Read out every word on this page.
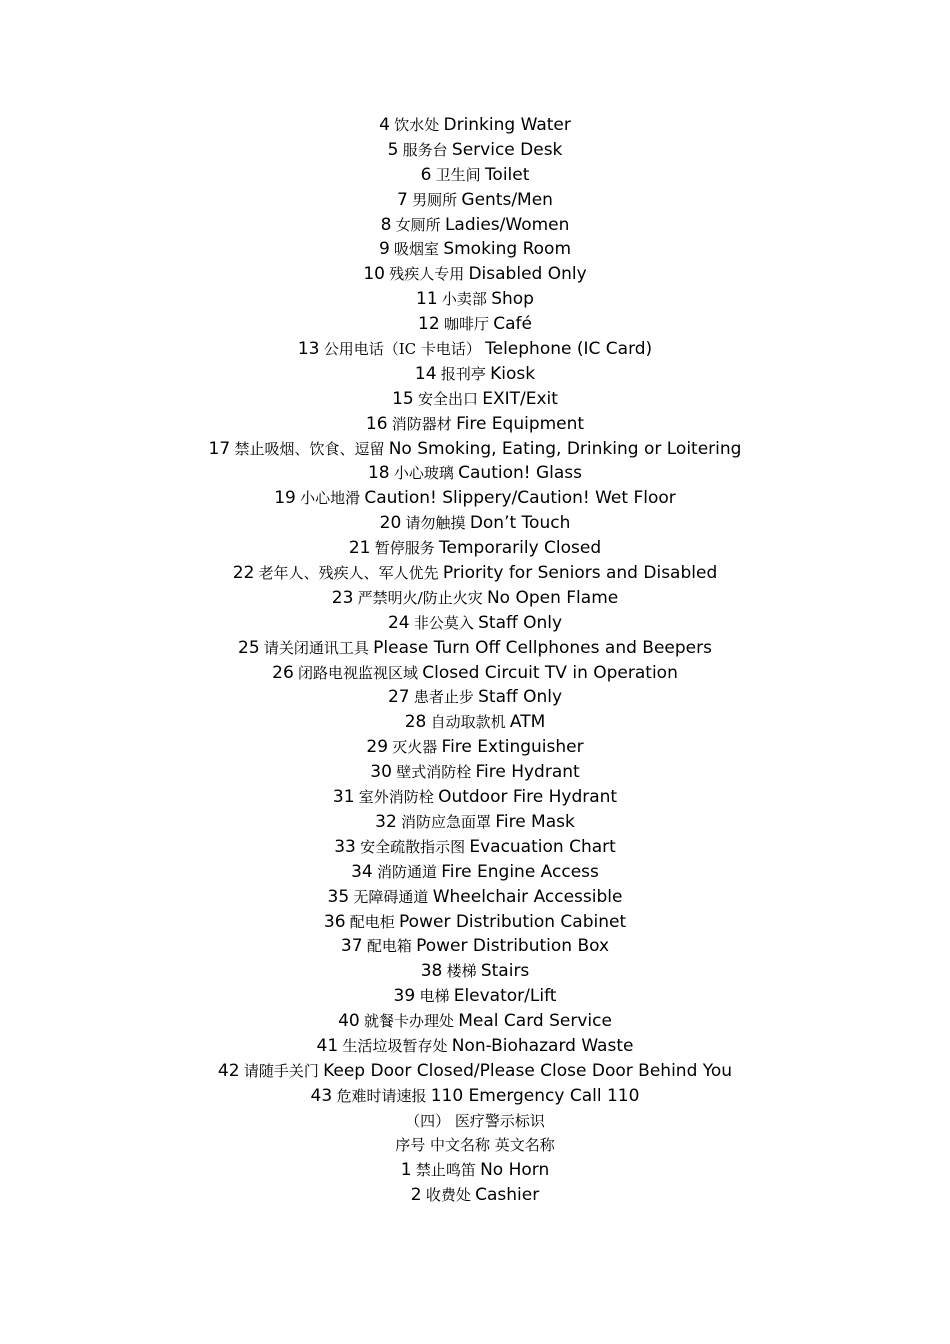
4 饮水处 Drinking Water
5 服务台 Service Desk
6 卫生间 Toilet
7 男厕所 Gents/Men
8 女厕所 Ladies/Women
9 吸烟室 Smoking Room
10 残疾人专用 Disabled Only
11 小卖部 Shop
12 咖啡厅 Café
13 公用电话（IC 卡电话） Telephone (IC Card)
14 报刊亭 Kiosk
15 安全出口 EXIT/Exit
16 消防器材 Fire Equipment
17 禁止吸烟、饮食、逗留 No Smoking, Eating, Drinking or Loitering
18 小心玻璃 Caution! Glass
19 小心地滑 Caution! Slippery/Caution! Wet Floor
20 请勿触摸 Don’t Touch
21 暂停服务 Temporarily Closed
22 老年人、残疾人、军人优先 Priority for Seniors and Disabled
23 严禁明火/防止火灾 No Open Flame
24 非公莫入 Staff Only
25 请关闭通讯工具 Please Turn Off Cellphones and Beepers
26 闭路电视监视区域 Closed Circuit TV in Operation
27 患者止步 Staff Only
28 自动取款机 ATM
29 灭火器 Fire Extinguisher
30 壁式消防栓 Fire Hydrant
31 室外消防栓 Outdoor Fire Hydrant
32 消防应急面罩 Fire Mask
33 安全疏散指示图 Evacuation Chart
34 消防通道 Fire Engine Access
35 无障碍通道 Wheelchair Accessible
36 配电柜 Power Distribution Cabinet
37 配电箱 Power Distribution Box
38 楼梯 Stairs
39 电梯 Elevator/Lift
40 就餐卡办理处 Meal Card Service
41 生活垃圾暂存处 Non-Biohazard Waste
42 请随手关门 Keep Door Closed/Please Close Door Behind You
43 危难时请速报 110 Emergency Call 110
（四） 医疗警示标识
序号 中文名称 英文名称
1 禁止鸣笛 No Horn
2 收费处 Cashier
